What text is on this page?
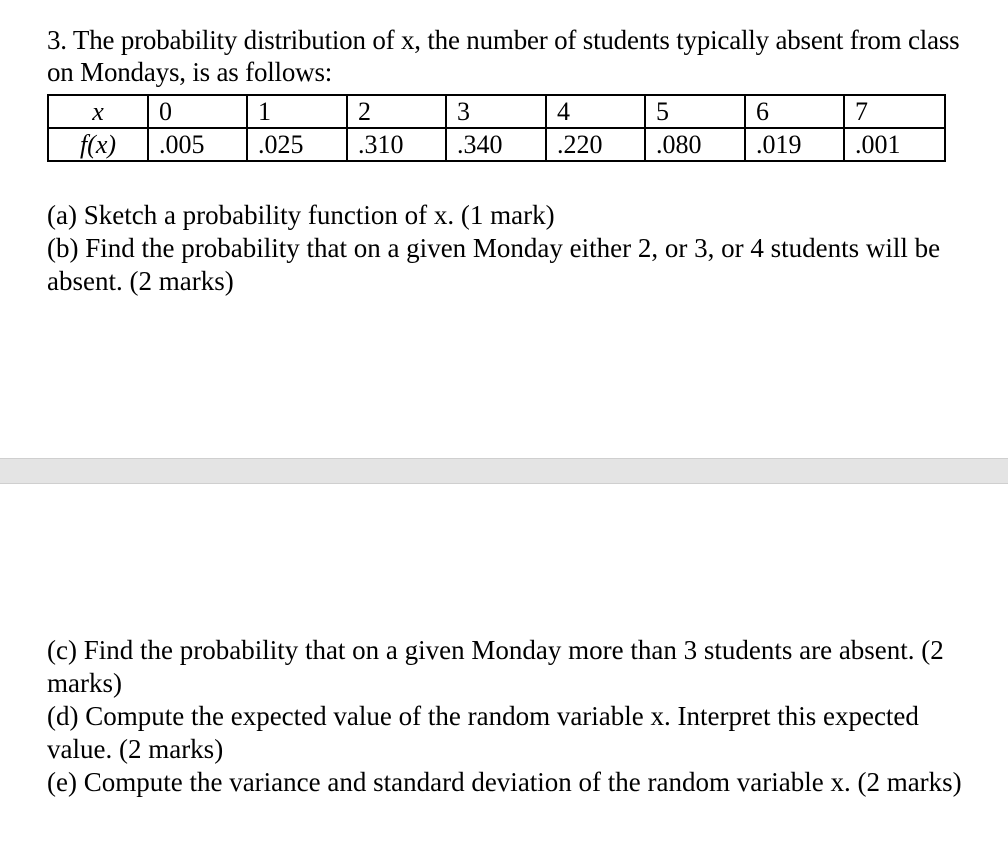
3. The probability distribution of x, the number of students typically absent from class on Mondays, is as follows:
x	0	1	2	3	4	5	6	7
f(x)	.005	.025	.310	.340	.220	.080	.019	.001

(a) Sketch a probability function of x. (1 mark)

(b) Find the probability that on a given Monday either 2, or 3, or 4 students will be absent. (2 marks)

(c) Find the probability that on a given Monday more than 3 students are absent. (2 marks)

(d) Compute the expected value of the random variable x. Interpret this expected value. (2 marks)

(e) Compute the variance and standard deviation of the random variable x. (2 marks)
